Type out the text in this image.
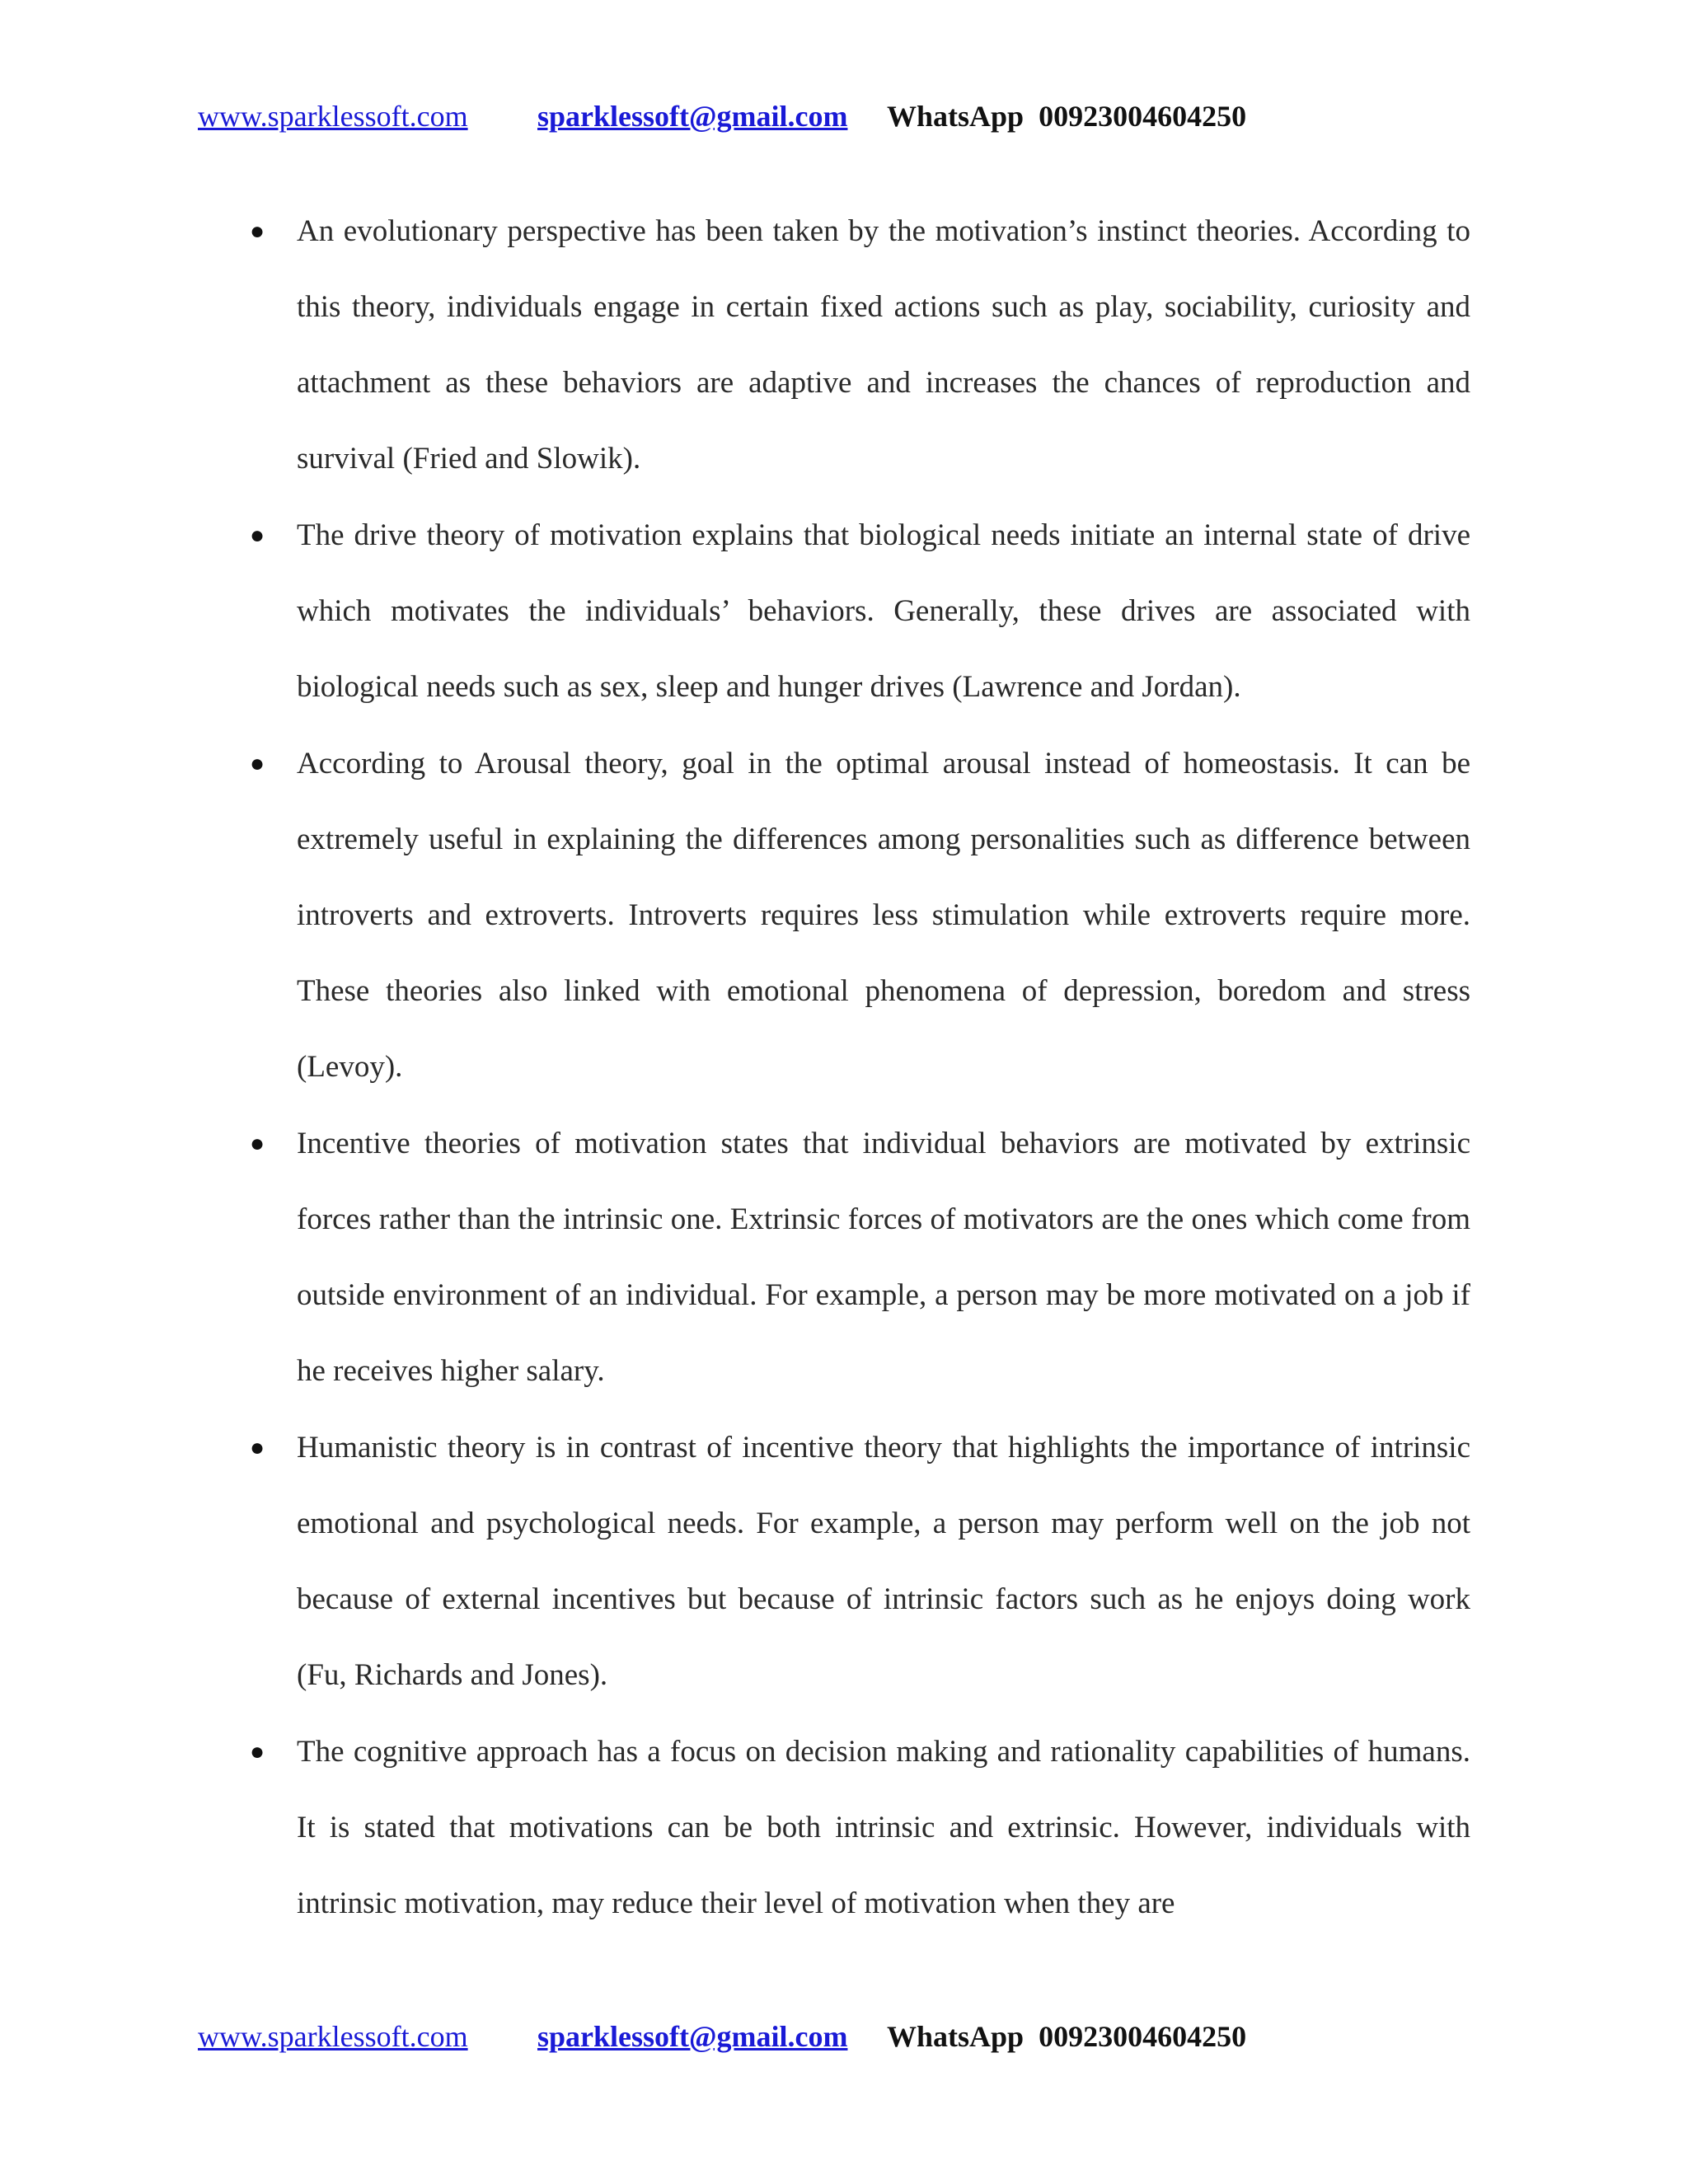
www.sparklessoft.com sparklessoft@gmail.com WhatsApp 00923004604250
● An evolutionary perspective has been taken by the motivation’s instinct theories. According to this theory, individuals engage in certain fixed actions such as play, sociability, curiosity and attachment as these behaviors are adaptive and increases the chances of reproduction and survival (Fried and Slowik).
● The drive theory of motivation explains that biological needs initiate an internal state of drive which motivates the individuals’ behaviors. Generally, these drives are associated with biological needs such as sex, sleep and hunger drives (Lawrence and Jordan).
● According to Arousal theory, goal in the optimal arousal instead of homeostasis. It can be extremely useful in explaining the differences among personalities such as difference between introverts and extroverts. Introverts requires less stimulation while extroverts require more. These theories also linked with emotional phenomena of depression, boredom and stress (Levoy).
● Incentive theories of motivation states that individual behaviors are motivated by extrinsic forces rather than the intrinsic one. Extrinsic forces of motivators are the ones which come from outside environment of an individual. For example, a person may be more motivated on a job if he receives higher salary.
● Humanistic theory is in contrast of incentive theory that highlights the importance of intrinsic emotional and psychological needs. For example, a person may perform well on the job not because of external incentives but because of intrinsic factors such as he enjoys doing work (Fu, Richards and Jones).
● The cognitive approach has a focus on decision making and rationality capabilities of humans. It is stated that motivations can be both intrinsic and extrinsic. However, individuals with intrinsic motivation, may reduce their level of motivation when they are
www.sparklessoft.com sparklessoft@gmail.com WhatsApp 00923004604250
